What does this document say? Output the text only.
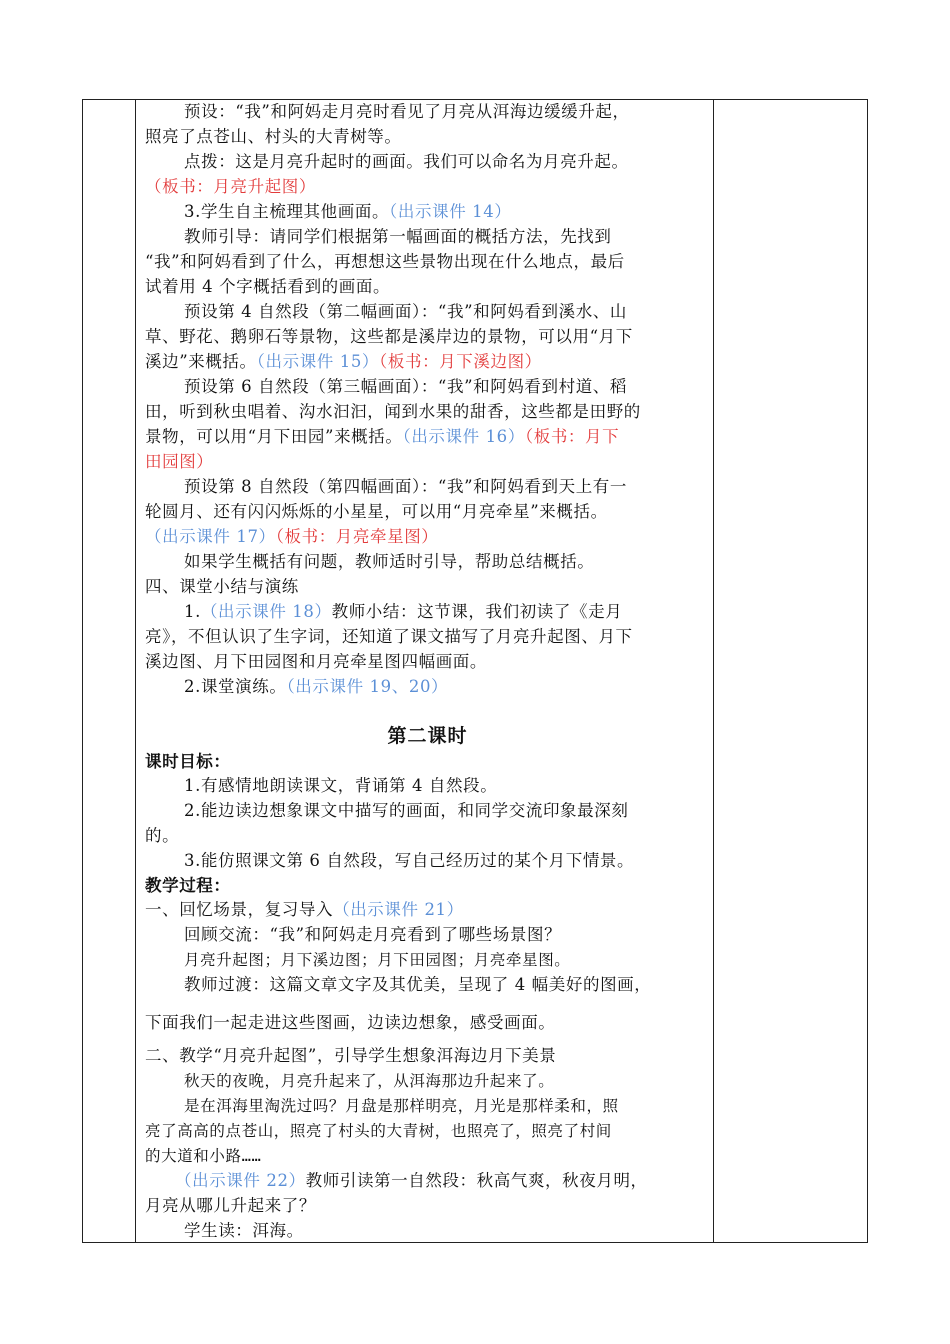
预设：“我”和阿妈走月亮时看见了月亮从洱海边缓缓升起，
照亮了点苍山、村头的大青树等。
点拨：这是月亮升起时的画面。我们可以命名为月亮升起。
（板书：月亮升起图）
3.学生自主梳理其他画面。（出示课件 14）
教师引导：请同学们根据第一幅画面的概括方法，先找到
“我”和阿妈看到了什么，再想想这些景物出现在什么地点，最后
试着用 4 个字概括看到的画面。
预设第 4 自然段（第二幅画面）：“我”和阿妈看到溪水、山
草、野花、鹅卵石等景物，这些都是溪岸边的景物，可以用“月下
溪边”来概括。（出示课件 15）（板书：月下溪边图）
预设第 6 自然段（第三幅画面）：“我”和阿妈看到村道、稻
田，听到秋虫唱着、沟水汩汩，闻到水果的甜香，这些都是田野的
景物，可以用“月下田园”来概括。（出示课件 16）（板书：月下
田园图）
预设第 8 自然段（第四幅画面）：“我”和阿妈看到天上有一
轮圆月、还有闪闪烁烁的小星星，可以用“月亮牵星”来概括。
（出示课件 17）（板书：月亮牵星图）
如果学生概括有问题，教师适时引导，帮助总结概括。
四、课堂小结与演练
1.（出示课件 18）教师小结：这节课，我们初读了《走月
亮》，不但认识了生字词，还知道了课文描写了月亮升起图、月下
溪边图、月下田园图和月亮牵星图四幅画面。
2.课堂演练。（出示课件 19、20）
第二课时
课时目标：
1.有感情地朗读课文，背诵第 4 自然段。
2.能边读边想象课文中描写的画面，和同学交流印象最深刻
的。
3.能仿照课文第 6 自然段，写自己经历过的某个月下情景。
教学过程：
一、回忆场景，复习导入（出示课件 21）
回顾交流：“我”和阿妈走月亮看到了哪些场景图？
月亮升起图；月下溪边图；月下田园图；月亮牵星图。
教师过渡：这篇文章文字及其优美，呈现了 4 幅美好的图画，
下面我们一起走进这些图画，边读边想象，感受画面。
二、教学“月亮升起图”，引导学生想象洱海边月下美景
秋天的夜晚，月亮升起来了，从洱海那边升起来了。
是在洱海里淘洗过吗？月盘是那样明亮，月光是那样柔和，照
亮了高高的点苍山，照亮了村头的大青树，也照亮了，照亮了村间
的大道和小路……
（出示课件 22）教师引读第一自然段：秋高气爽，秋夜月明，
月亮从哪儿升起来了？
学生读：洱海。
